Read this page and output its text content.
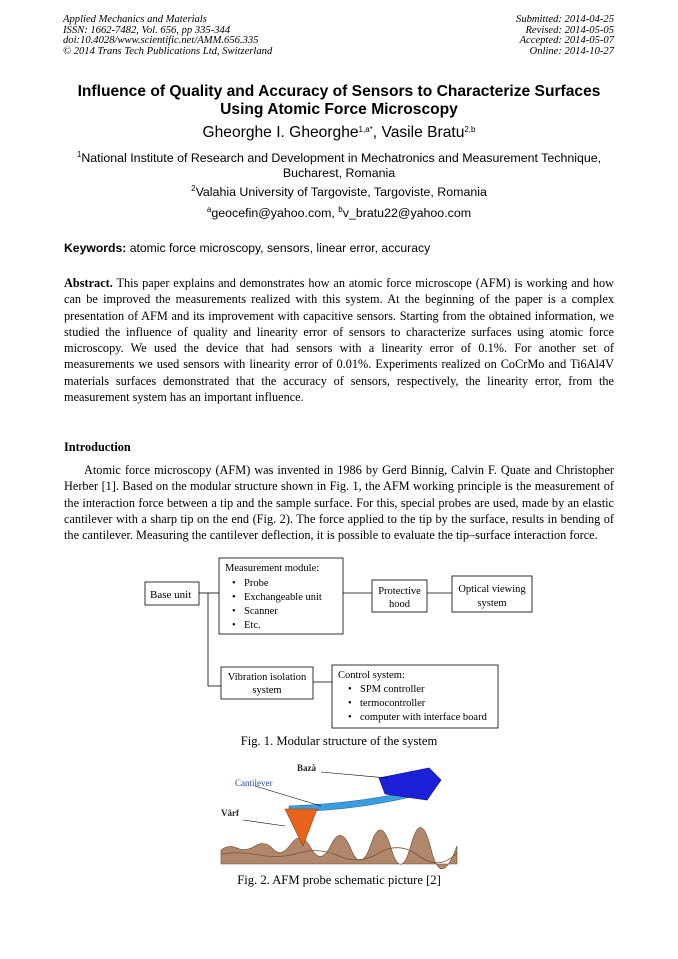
Applied Mechanics and Materials
ISSN: 1662-7482, Vol. 656, pp 335-344
doi:10.4028/www.scientific.net/AMM.656.335
© 2014 Trans Tech Publications Ltd, Switzerland
Submitted: 2014-04-25
Revised: 2014-05-05
Accepted: 2014-05-07
Online: 2014-10-27
Influence of Quality and Accuracy of Sensors to Characterize Surfaces
Using Atomic Force Microscopy
Gheorghe I. Gheorghe$^{1,a*}$, Vasile Bratu$^{2,b}$
$^1$National Institute of Research and Development in Mechatronics and Measurement Technique,
Bucharest, Romania
$^2$Valahia University of Targoviste, Targoviste, Romania
$^a$geocefin@yahoo.com, $^b$v_bratu22@yahoo.com
Keywords: atomic force microscopy, sensors, linear error, accuracy
Abstract. This paper explains and demonstrates how an atomic force microscope (AFM) is working and how can be improved the measurements realized with this system. At the beginning of the paper is a complex presentation of AFM and its improvement with capacitive sensors. Starting from the obtained information, we studied the influence of quality and linearity error of sensors to characterize surfaces using atomic force microscopy. We used the device that had sensors with a linearity error of 0.1%. For another set of measurements we used sensors with linearity error of 0.01%. Experiments realized on CoCrMo and Ti6Al4V materials surfaces demonstrated that the accuracy of sensors, respectively, the linearity error, from the measurement system has an important influence.
Introduction
Atomic force microscopy (AFM) was invented in 1986 by Gerd Binnig, Calvin F. Quate and Christopher Herber [1]. Based on the modular structure shown in Fig. 1, the AFM working principle is the measurement of the interaction force between a tip and the sample surface. For this, special probes are used, made by an elastic cantilever with a sharp tip on the end (Fig. 2). The force applied to the tip by the surface, results in bending of the cantilever. Measuring the cantilever deflection, it is possible to evaluate the tip–surface interaction force.
Base unit
Measurement module:
• Probe
• Exchangeable unit
• Scanner
• Etc.
Protective
hood
Optical viewing
system
Vibration isolation
system
Control system:
• SPM controller
• termocontroller
• computer with interface board
Fig. 1. Modular structure of the system
Bază
Cantilever
Vârf
Fig. 2. AFM probe schematic picture [2]
